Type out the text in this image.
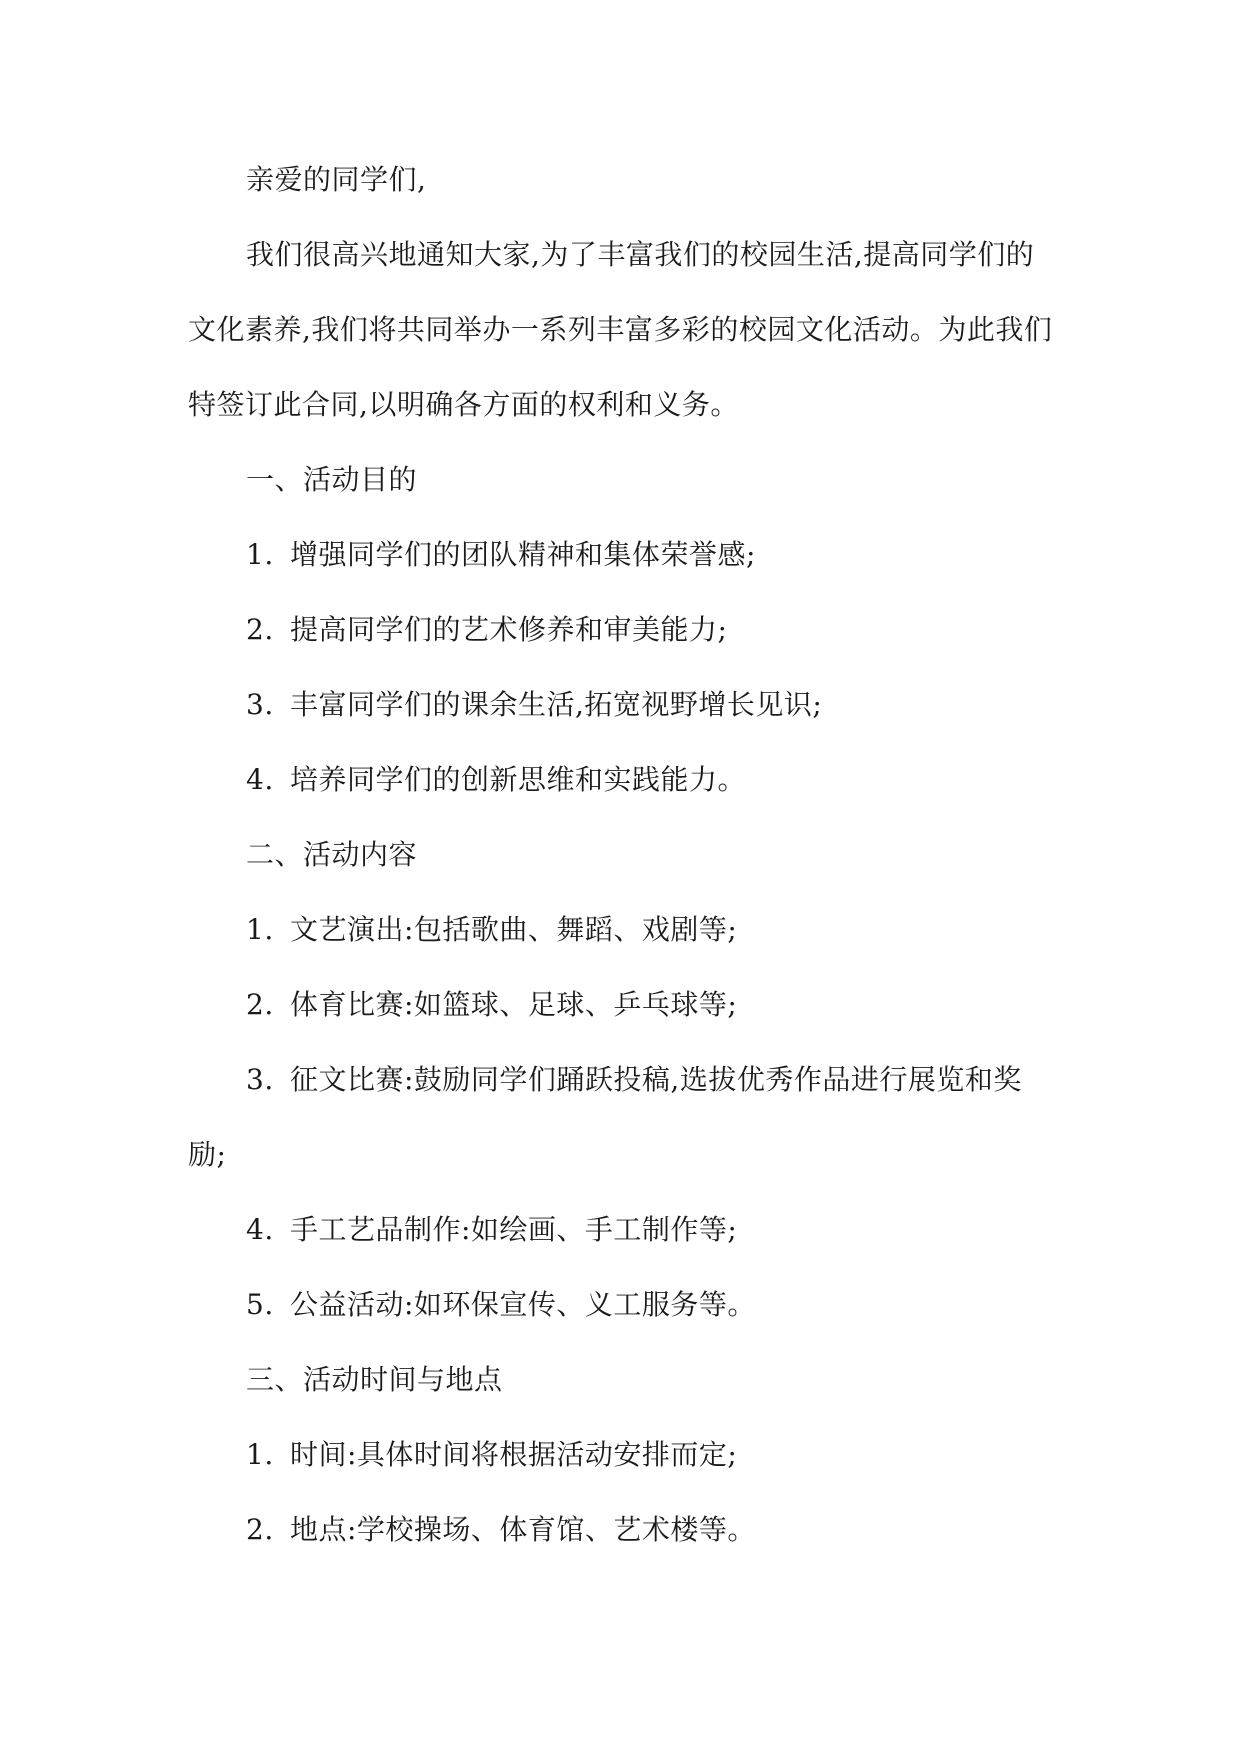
亲爱的同学们,

我们很高兴地通知大家,为了丰富我们的校园生活,提高同学们的文化素养,我们将共同举办一系列丰富多彩的校园文化活动。为此我们特签订此合同,以明确各方面的权利和义务。

一、活动目的

1. 增强同学们的团队精神和集体荣誉感;

2. 提高同学们的艺术修养和审美能力;

3. 丰富同学们的课余生活,拓宽视野增长见识;

4. 培养同学们的创新思维和实践能力。

二、活动内容

1. 文艺演出:包括歌曲、舞蹈、戏剧等;

2. 体育比赛:如篮球、足球、乒乓球等;

3. 征文比赛:鼓励同学们踊跃投稿,选拔优秀作品进行展览和奖励;

4. 手工艺品制作:如绘画、手工制作等;

5. 公益活动:如环保宣传、义工服务等。

三、活动时间与地点

1. 时间:具体时间将根据活动安排而定;

2. 地点:学校操场、体育馆、艺术楼等。
